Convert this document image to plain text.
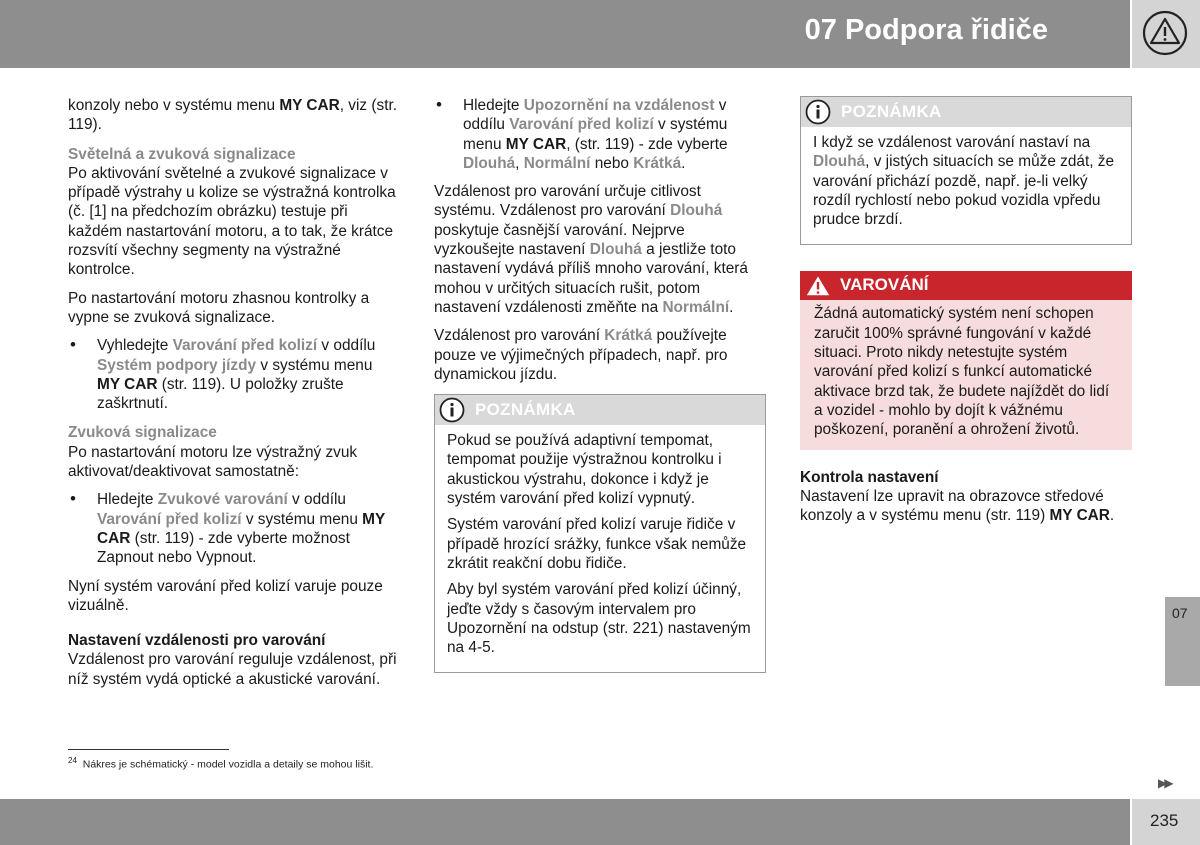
07 Podpora řidiče

konzoly nebo v systému menu MY CAR, viz (str. 119).

Světelná a zvuková signalizace

Po aktivování světelné a zvukové signalizace v případě výstrahy u kolize se výstražná kontrolka (č. [1] na předchozím obrázku) testuje při každém nastartování motoru, a to tak, že krátce rozsvítí všechny segmenty na výstražné kontrolce.

Po nastartování motoru zhasnou kontrolky a vypne se zvuková signalizace.

• Vyhledejte Varování před kolizí v oddílu Systém podpory jízdy v systému menu MY CAR (str. 119). U položky zrušte zaškrtnutí.

Zvuková signalizace

Po nastartování motoru lze výstražný zvuk aktivovat/deaktivovat samostatně:

• Hledejte Zvukové varování v oddílu Varování před kolizí v systému menu MY CAR (str. 119) - zde vyberte možnost Zapnout nebo Vypnout.

Nyní systém varování před kolizí varuje pouze vizuálně.

Nastavení vzdálenosti pro varování

Vzdálenost pro varování reguluje vzdálenost, při níž systém vydá optické a akustické varování.

• Hledejte Upozornění na vzdálenost v oddílu Varování před kolizí v systému menu MY CAR, (str. 119) - zde vyberte Dlouhá, Normální nebo Krátká.

Vzdálenost pro varování určuje citlivost systému. Vzdálenost pro varování Dlouhá poskytuje časnější varování. Nejprve vyzkoušejte nastavení Dlouhá a jestliže toto nastavení vydává příliš mnoho varování, která mohou v určitých situacích rušit, potom nastavení vzdálenosti změňte na Normální.

Vzdálenost pro varování Krátká používejte pouze ve výjimečných případech, např. pro dynamickou jízdu.

POZNÁMKA

Pokud se používá adaptivní tempomat, tempomat použije výstražnou kontrolku i akustickou výstrahu, dokonce i když je systém varování před kolizí vypnutý.

Systém varování před kolizí varuje řidiče v případě hrozící srážky, funkce však nemůže zkrátit reakční dobu řidiče.

Aby byl systém varování před kolizí účinný, jeďte vždy s časovým intervalem pro Upozornění na odstup (str. 221) nastaveným na 4-5.

POZNÁMKA

I když se vzdálenost varování nastaví na Dlouhá, v jistých situacích se může zdát, že varování přichází pozdě, např. je-li velký rozdíl rychlostí nebo pokud vozidla vpředu prudce brzdí.

VAROVÁNÍ
Žádná automatický systém není schopen zaručit 100% správné fungování v každé situaci. Proto nikdy netestujte systém varování před kolizí s funkcí automatické aktivace brzd tak, že budete najíždět do lidí a vozidel - mohlo by dojít k vážnému poškození, poranění a ohrožení životů.

Kontrola nastavení

Nastavení lze upravit na obrazovce středové konzoly a v systému menu (str. 119) MY CAR.

$^{24}$ Nákres je schématický - model vozidla a detaily se mohou lišit.
07
▶▶
235
